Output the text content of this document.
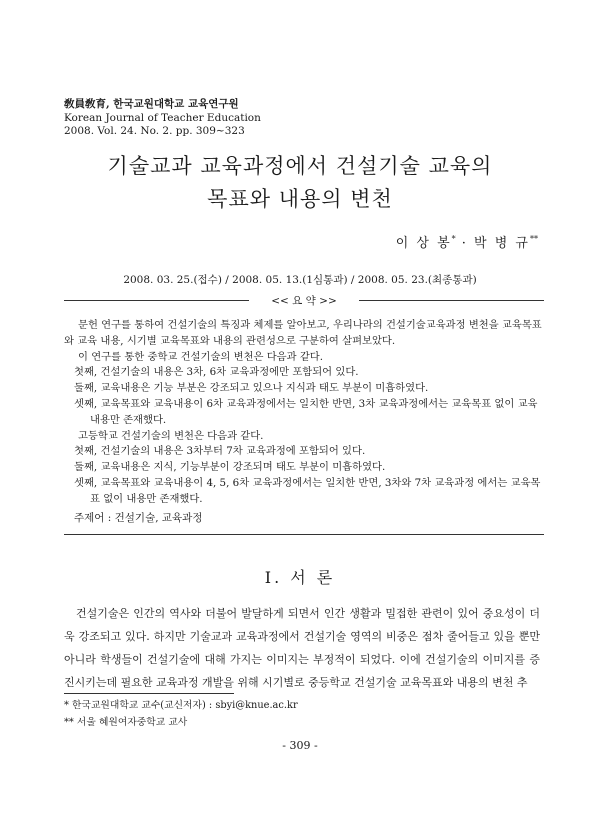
敎員敎育, 한국교원대학교 교육연구원
Korean Journal of Teacher Education
2008. Vol. 24. No. 2. pp. 309∼323
기술교과 교육과정에서 건설기술 교육의
목표와 내용의 변천
이 상 봉* · 박 병 규**
2008. 03. 25.(접수) / 2008. 05. 13.(1심통과) / 2008. 05. 23.(최종통과)
<< 요 약 >>

문헌 연구를 통하여 건설기술의 특징과 체제를 알아보고, 우리나라의 건설기술교육과정 변천을 교육목표와 교육 내용, 시기별 교육목표와 내용의 관련성으로 구분하여 살펴보았다.

이 연구를 통한 중학교 건설기술의 변천은 다음과 같다.

첫째, 건설기술의 내용은 3차, 6차 교육과정에만 포함되어 있다.

둘째, 교육내용은 기능 부분은 강조되고 있으나 지식과 태도 부분이 미흡하였다.

셋째, 교육목표와 교육내용이 6차 교육과정에서는 일치한 반면, 3차 교육과정에서는 교육목표 없이 교육내용만 존재했다.

고등학교 건설기술의 변천은 다음과 같다.

첫째, 건설기술의 내용은 3차부터 7차 교육과정에 포함되어 있다.

둘째, 교육내용은 지식, 기능부분이 강조되며 태도 부분이 미흡하였다.

셋째, 교육목표와 교육내용이 4, 5, 6차 교육과정에서는 일치한 반면, 3차와 7차 교육과정 에서는 교육목표 없이 내용만 존재했다.

주제어 : 건설기술, 교육과정
Ⅰ. 서 론

건설기술은 인간의 역사와 더불어 발달하게 되면서 인간 생활과 밀접한 관련이 있어 중요성이 더욱 강조되고 있다. 하지만 기술교과 교육과정에서 건설기술 영역의 비중은 점차 줄어들고 있을 뿐만 아니라 학생들이 건설기술에 대해 가지는 이미지는 부정적이 되었다. 이에 건설기술의 이미지를 증진시키는데 필요한 교육과정 개발을 위해 시기별로 중등학교 건설기술 교육목표와 내용의 변천 추

* 한국교원대학교 교수(교신저자) : sbyi@knue.ac.kr
** 서울 혜원여자중학교 교사
- 309 -
